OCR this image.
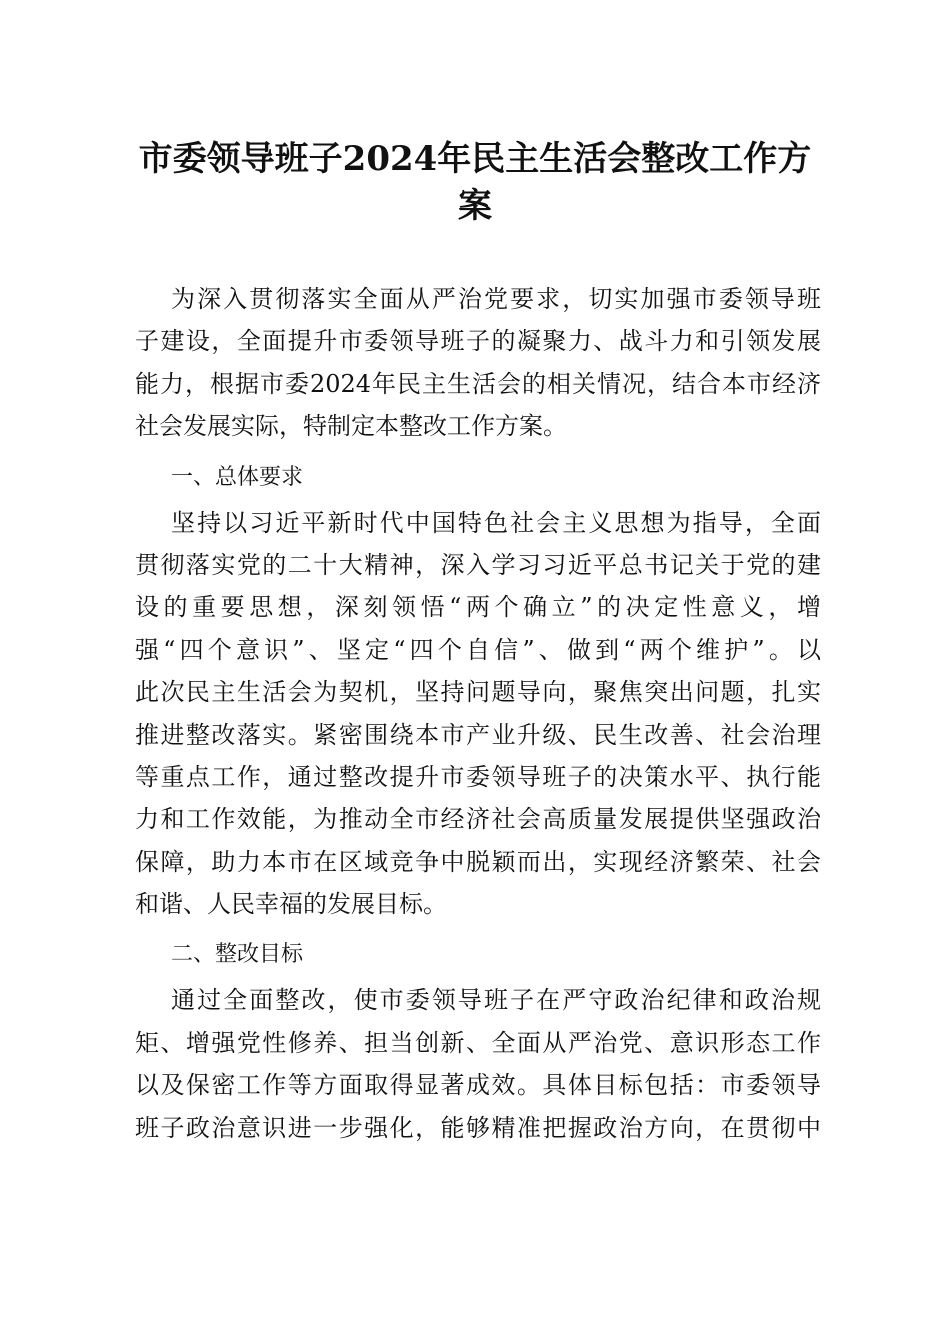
市委领导班子2024年民主生活会整改工作方
案
为深入贯彻落实全面从严治党要求，切实加强市委领导班
子建设，全面提升市委领导班子的凝聚力、战斗力和引领发展
能力，根据市委2024年民主生活会的相关情况，结合本市经济
社会发展实际，特制定本整改工作方案。
一、总体要求
坚持以习近平新时代中国特色社会主义思想为指导，全面
贯彻落实党的二十大精神，深入学习习近平总书记关于党的建
设的重要思想，深刻领悟“两个确立”的决定性意义，增
强“四个意识”、坚定“四个自信”、做到“两个维护”。以
此次民主生活会为契机，坚持问题导向，聚焦突出问题，扎实
推进整改落实。紧密围绕本市产业升级、民生改善、社会治理
等重点工作，通过整改提升市委领导班子的决策水平、执行能
力和工作效能，为推动全市经济社会高质量发展提供坚强政治
保障，助力本市在区域竞争中脱颖而出，实现经济繁荣、社会
和谐、人民幸福的发展目标。
二、整改目标
通过全面整改，使市委领导班子在严守政治纪律和政治规
矩、增强党性修养、担当创新、全面从严治党、意识形态工作
以及保密工作等方面取得显著成效。具体目标包括：市委领导
班子政治意识进一步强化，能够精准把握政治方向，在贯彻中
